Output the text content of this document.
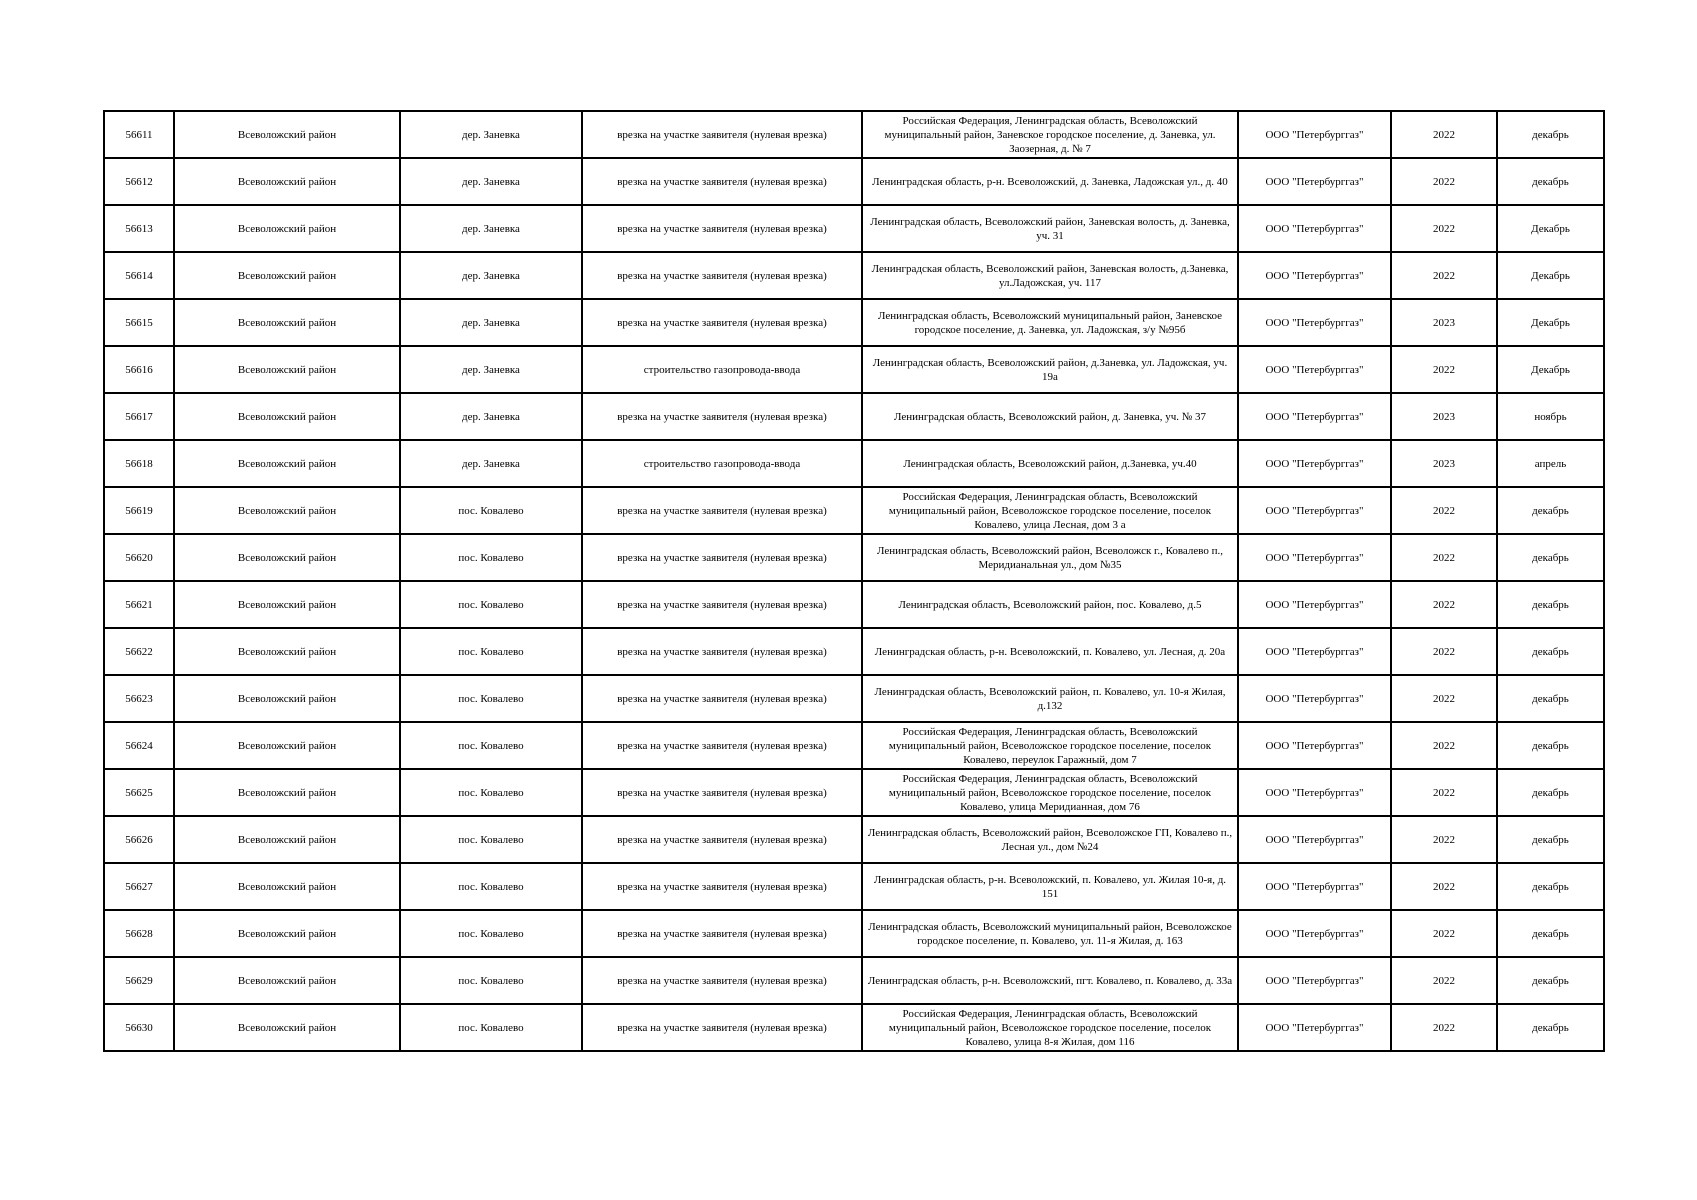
56611	Всеволожский район	дер. Заневка	врезка на участке заявителя (нулевая врезка)	Российская Федерация, Ленинградская область, Всеволожский муниципальный район, Заневское городское поселение, д. Заневка, ул. Заозерная, д. № 7	ООО "Петербурггаз"	2022	декабрь
56612	Всеволожский район	дер. Заневка	врезка на участке заявителя (нулевая врезка)	Ленинградская область, р-н. Всеволожский, д. Заневка, Ладожская ул., д. 40	ООО "Петербурггаз"	2022	декабрь
56613	Всеволожский район	дер. Заневка	врезка на участке заявителя (нулевая врезка)	Ленинградская область, Всеволожский район, Заневская волость, д. Заневка, уч. 31	ООО "Петербурггаз"	2022	Декабрь
56614	Всеволожский район	дер. Заневка	врезка на участке заявителя (нулевая врезка)	Ленинградская область, Всеволожский район, Заневская волость, д.Заневка, ул.Ладожская, уч. 117	ООО "Петербурггаз"	2022	Декабрь
56615	Всеволожский район	дер. Заневка	врезка на участке заявителя (нулевая врезка)	Ленинградская область, Всеволожский муниципальный район, Заневское городское поселение, д. Заневка, ул. Ладожская, з/у №95б	ООО "Петербурггаз"	2023	Декабрь
56616	Всеволожский район	дер. Заневка	строительство газопровода-ввода	Ленинградская область, Всеволожский район, д.Заневка, ул. Ладожская, уч. 19а	ООО "Петербурггаз"	2022	Декабрь
56617	Всеволожский район	дер. Заневка	врезка на участке заявителя (нулевая врезка)	Ленинградская область, Всеволожский район, д. Заневка, уч. № 37	ООО "Петербурггаз"	2023	ноябрь
56618	Всеволожский район	дер. Заневка	строительство газопровода-ввода	Ленинградская область, Всеволожский район, д.Заневка, уч.40	ООО "Петербурггаз"	2023	апрель
56619	Всеволожский район	пос. Ковалево	врезка на участке заявителя (нулевая врезка)	Российская Федерация, Ленинградская область, Всеволожский муниципальный район, Всеволожское городское поселение, поселок Ковалево, улица Лесная, дом 3 а	ООО "Петербурггаз"	2022	декабрь
56620	Всеволожский район	пос. Ковалево	врезка на участке заявителя (нулевая врезка)	Ленинградская область, Всеволожский район, Всеволожск г., Ковалево п., Меридианальная ул., дом №35	ООО "Петербурггаз"	2022	декабрь
56621	Всеволожский район	пос. Ковалево	врезка на участке заявителя (нулевая врезка)	Ленинградская область, Всеволожский район, пос. Ковалево, д.5	ООО "Петербурггаз"	2022	декабрь
56622	Всеволожский район	пос. Ковалево	врезка на участке заявителя (нулевая врезка)	Ленинградская область, р-н. Всеволожский, п. Ковалево, ул. Лесная, д. 20а	ООО "Петербурггаз"	2022	декабрь
56623	Всеволожский район	пос. Ковалево	врезка на участке заявителя (нулевая врезка)	Ленинградская область, Всеволожский район, п. Ковалево, ул. 10-я Жилая, д.132	ООО "Петербурггаз"	2022	декабрь
56624	Всеволожский район	пос. Ковалево	врезка на участке заявителя (нулевая врезка)	Российская Федерация, Ленинградская область, Всеволожский муниципальный район, Всеволожское городское поселение, поселок Ковалево, переулок Гаражный, дом 7	ООО "Петербурггаз"	2022	декабрь
56625	Всеволожский район	пос. Ковалево	врезка на участке заявителя (нулевая врезка)	Российская Федерация, Ленинградская область, Всеволожский муниципальный район, Всеволожское городское поселение, поселок Ковалево, улица Меридианная, дом 76	ООО "Петербурггаз"	2022	декабрь
56626	Всеволожский район	пос. Ковалево	врезка на участке заявителя (нулевая врезка)	Ленинградская область, Всеволожский район, Всеволожское ГП, Ковалево п., Лесная ул., дом №24	ООО "Петербурггаз"	2022	декабрь
56627	Всеволожский район	пос. Ковалево	врезка на участке заявителя (нулевая врезка)	Ленинградская область, р-н. Всеволожский, п. Ковалево, ул. Жилая 10-я, д. 151	ООО "Петербурггаз"	2022	декабрь
56628	Всеволожский район	пос. Ковалево	врезка на участке заявителя (нулевая врезка)	Ленинградская область, Всеволожский муниципальный район, Всеволожское городское поселение, п. Ковалево, ул. 11-я Жилая, д. 163	ООО "Петербурггаз"	2022	декабрь
56629	Всеволожский район	пос. Ковалево	врезка на участке заявителя (нулевая врезка)	Ленинградская область, р-н. Всеволожский, пгт. Ковалево, п. Ковалево, д. 33а	ООО "Петербурггаз"	2022	декабрь
56630	Всеволожский район	пос. Ковалево	врезка на участке заявителя (нулевая врезка)	Российская Федерация, Ленинградская область, Всеволожский муниципальный район, Всеволожское городское поселение, поселок Ковалево, улица 8-я Жилая, дом 116	ООО "Петербурггаз"	2022	декабрь
